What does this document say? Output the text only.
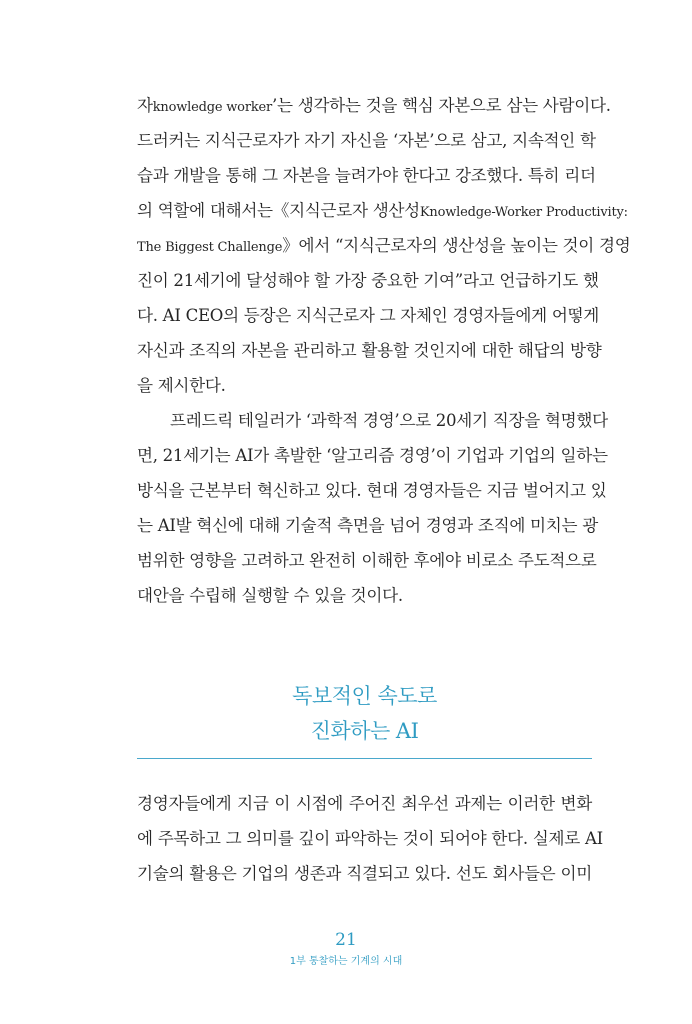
자knowledge worker’는 생각하는 것을 핵심 자본으로 삼는 사람이다.
드러커는 지식근로자가 자기 자신을 ‘자본’으로 삼고, 지속적인 학
습과 개발을 통해 그 자본을 늘려가야 한다고 강조했다. 특히 리더
의 역할에 대해서는《지식근로자 생산성Knowledge-Worker Productivity:
The Biggest Challenge》에서 “지식근로자의 생산성을 높이는 것이 경영
진이 21세기에 달성해야 할 가장 중요한 기여”라고 언급하기도 했
다. AI CEO의 등장은 지식근로자 그 자체인 경영자들에게 어떻게
자신과 조직의 자본을 관리하고 활용할 것인지에 대한 해답의 방향
을 제시한다.
프레드릭 테일러가 ‘과학적 경영’으로 20세기 직장을 혁명했다
면, 21세기는 AI가 촉발한 ‘알고리즘 경영’이 기업과 기업의 일하는
방식을 근본부터 혁신하고 있다. 현대 경영자들은 지금 벌어지고 있
는 AI발 혁신에 대해 기술적 측면을 넘어 경영과 조직에 미치는 광
범위한 영향을 고려하고 완전히 이해한 후에야 비로소 주도적으로
대안을 수립해 실행할 수 있을 것이다.
독보적인 속도로
진화하는 AI
경영자들에게 지금 이 시점에 주어진 최우선 과제는 이러한 변화
에 주목하고 그 의미를 깊이 파악하는 것이 되어야 한다. 실제로 AI
기술의 활용은 기업의 생존과 직결되고 있다. 선도 회사들은 이미
21
1부 통찰하는 기계의 시대
